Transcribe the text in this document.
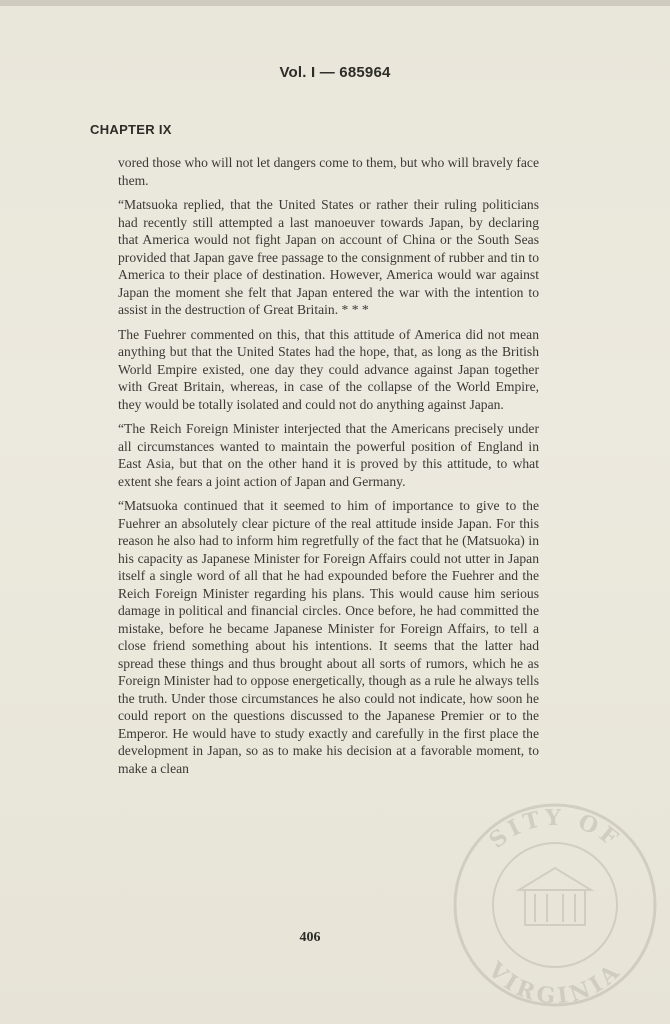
Vol. I — 685964
CHAPTER IX

vored those who will not let dangers come to them, but who will bravely face them.

“Matsuoka replied, that the United States or rather their ruling politicians had recently still attempted a last manoeuver towards Japan, by declaring that America would not fight Japan on account of China or the South Seas provided that Japan gave free passage to the consignment of rubber and tin to America to their place of destination. However, America would war against Japan the moment she felt that Japan entered the war with the intention to assist in the destruction of Great Britain. * * *

The Fuehrer commented on this, that this attitude of America did not mean anything but that the United States had the hope, that, as long as the British World Empire existed, one day they could advance against Japan together with Great Britain, whereas, in case of the collapse of the World Empire, they would be totally isolated and could not do anything against Japan.

“The Reich Foreign Minister interjected that the Americans precisely under all circumstances wanted to maintain the powerful position of England in East Asia, but that on the other hand it is proved by this attitude, to what extent she fears a joint action of Japan and Germany.

“Matsuoka continued that it seemed to him of importance to give to the Fuehrer an absolutely clear picture of the real attitude inside Japan. For this reason he also had to inform him regretfully of the fact that he (Matsuoka) in his capacity as Japanese Minister for Foreign Affairs could not utter in Japan itself a single word of all that he had expounded before the Fuehrer and the Reich Foreign Minister regarding his plans. This would cause him serious damage in political and financial circles. Once before, he had committed the mistake, before he became Japanese Minister for Foreign Affairs, to tell a close friend something about his intentions. It seems that the latter had spread these things and thus brought about all sorts of rumors, which he as Foreign Minister had to oppose energetically, though as a rule he always tells the truth. Under those circumstances he also could not indicate, how soon he could report on the questions discussed to the Japanese Premier or to the Emperor. He would have to study exactly and carefully in the first place the development in Japan, so as to make his decision at a favorable moment, to make a clean

406
SITY OF
VIRGINIA
